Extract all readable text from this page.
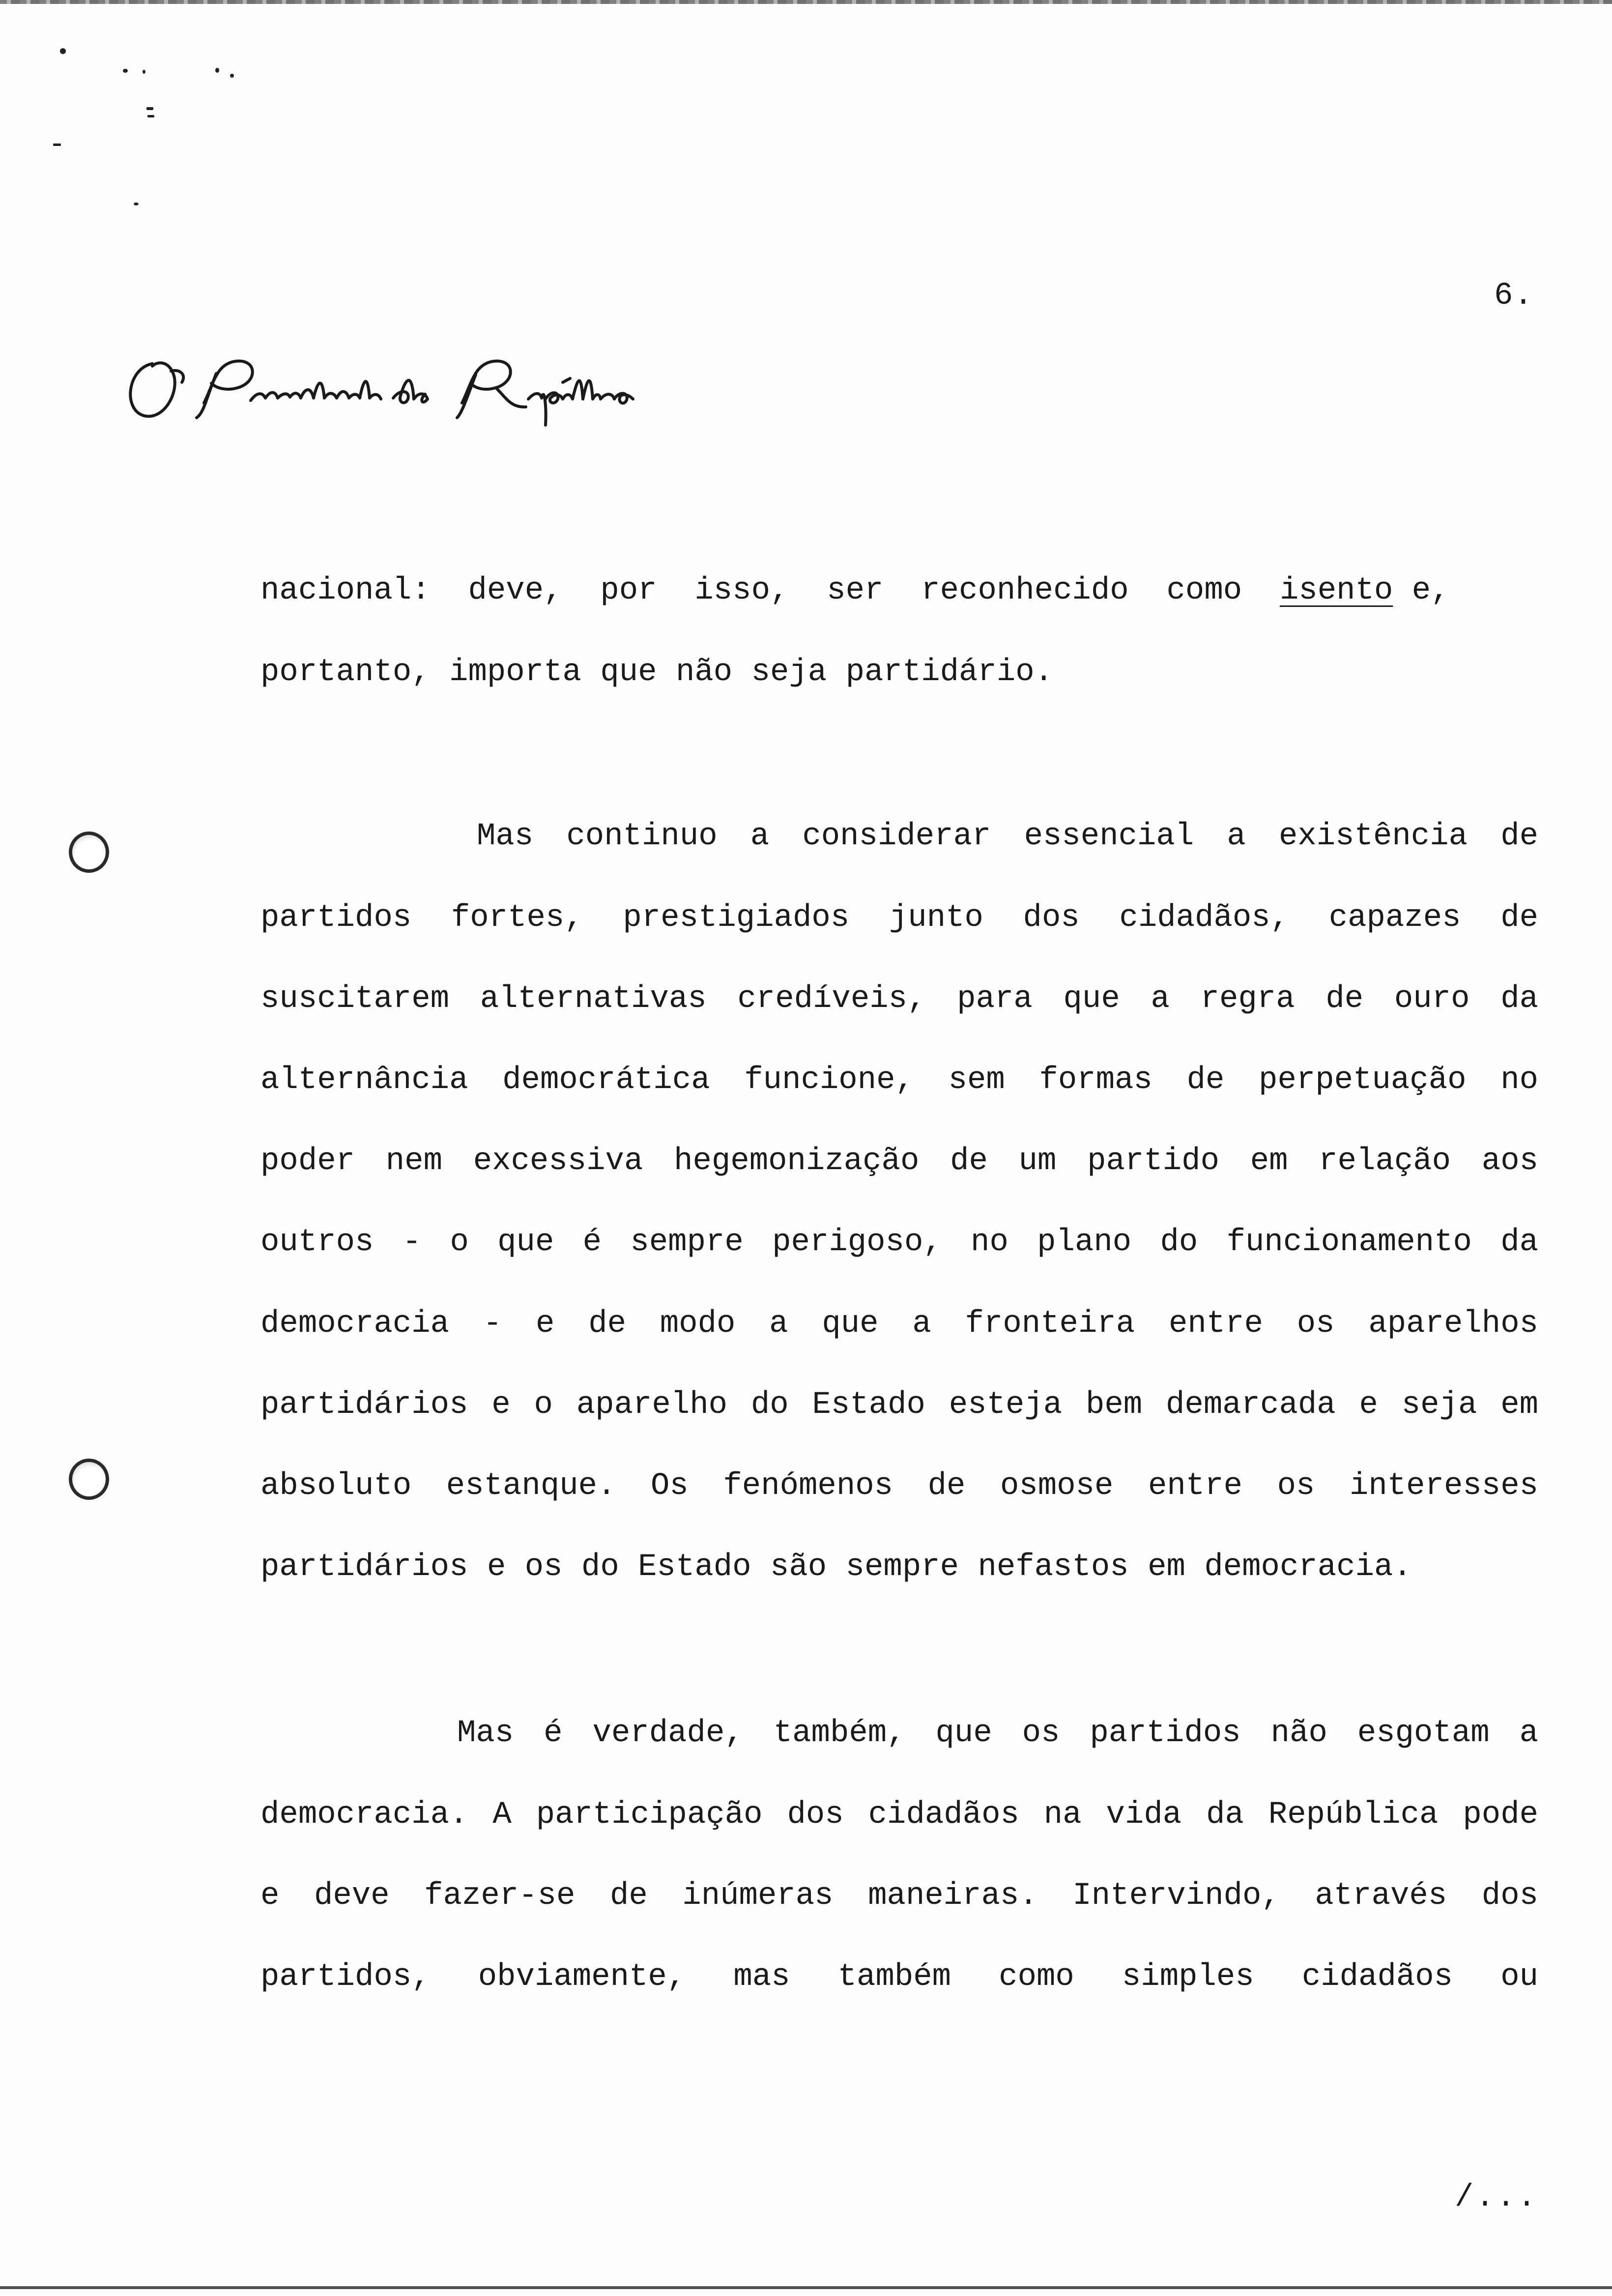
6.
O Presidente da República
nacional:  deve,  por  isso,  ser  reconhecido  como  isento e,
portanto, importa que não seja partidário.
Mas continuo a considerar essencial a existência de
partidos fortes, prestigiados junto dos cidadãos, capazes de
suscitarem alternativas credíveis, para que a regra de ouro da
alternância democrática funcione, sem formas de perpetuação no
poder nem excessiva hegemonização de um partido em relação aos
outros - o que é sempre perigoso, no plano do funcionamento da
democracia - e de modo a que a fronteira entre os aparelhos
partidários e o aparelho do Estado esteja bem demarcada e seja em
absoluto estanque. Os fenómenos de osmose entre os interesses
partidários e os do Estado são sempre nefastos em democracia.
Mas é verdade, também, que os partidos não esgotam a
democracia. A participação dos cidadãos na vida da República pode
e deve fazer-se de inúmeras maneiras. Intervindo, através dos
partidos, obviamente, mas também como simples cidadãos ou
/...
